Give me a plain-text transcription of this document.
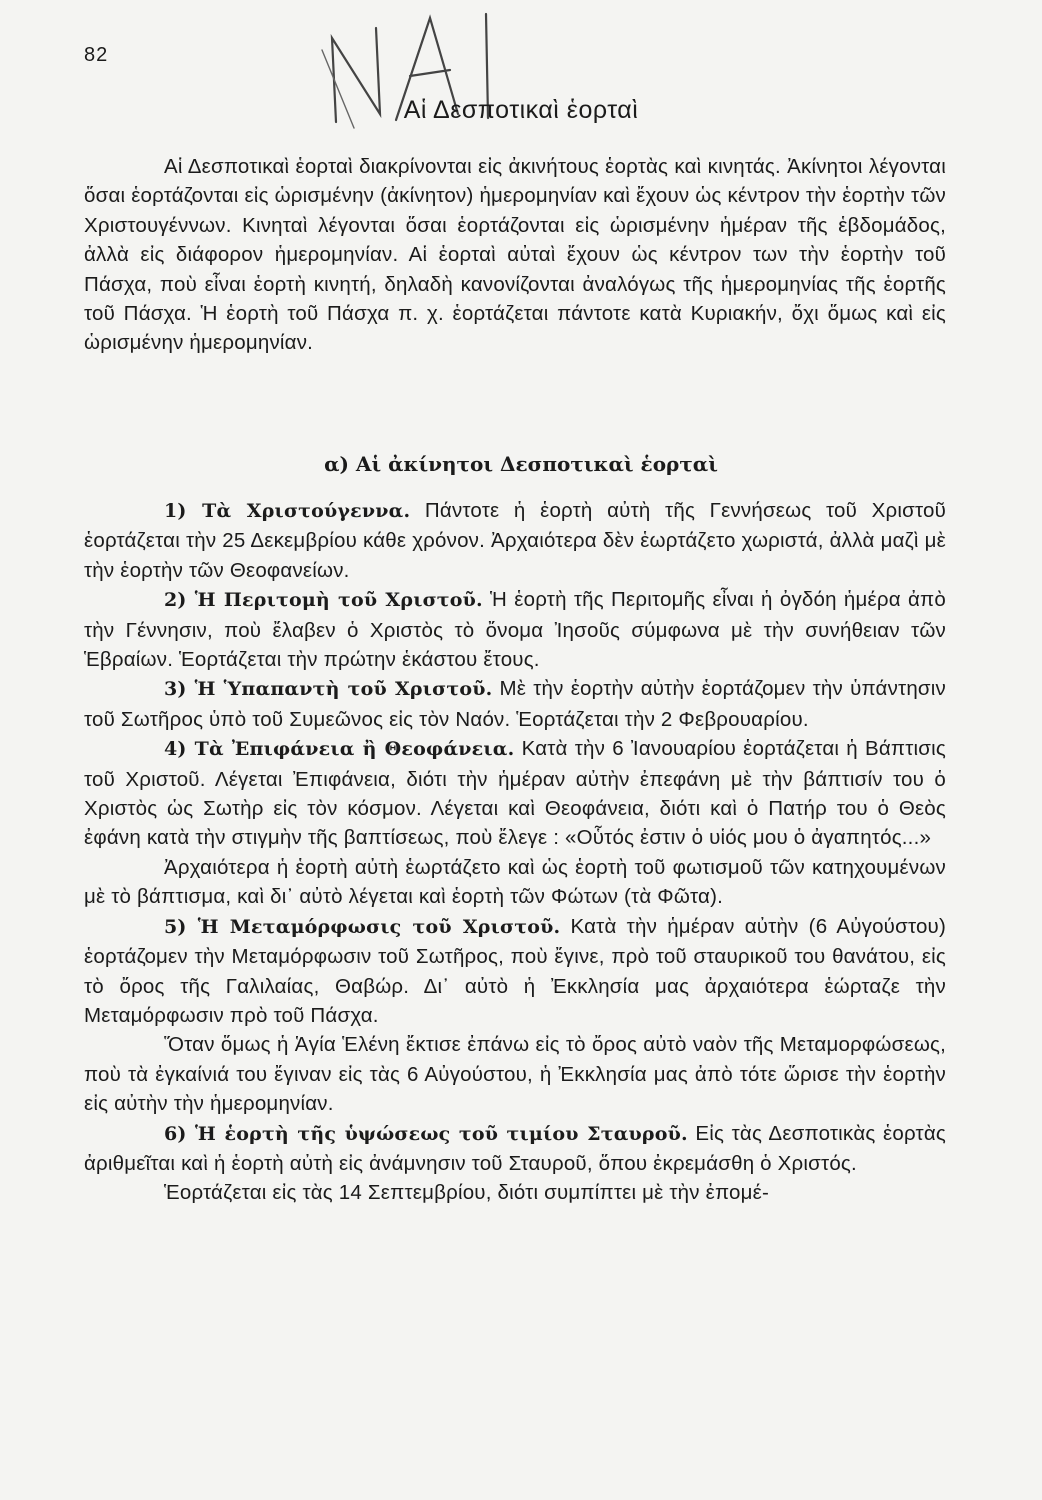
82
Αἱ Δεσποτικαὶ ἑορταὶ

Αἱ Δεσποτικαὶ ἑορταὶ διακρίνονται εἰς ἀκινήτους ἑορτὰς καὶ κινητάς. Ἀκίνητοι λέγονται ὅσαι ἑορτάζονται εἰς ὡρισμένην (ἀκίνητον) ἡμερομηνίαν καὶ ἔχουν ὡς κέντρον τὴν ἑορτὴν τῶν Χριστουγέννων. Κινηταὶ λέγονται ὅσαι ἑορτάζονται εἰς ὡρισμένην ἡμέραν τῆς ἑβδομάδος, ἀλλὰ εἰς διάφορον ἡμερομηνίαν. Αἱ ἑορταὶ αὐταὶ ἔχουν ὡς κέντρον των τὴν ἑορτὴν τοῦ Πάσχα, ποὺ εἶναι ἑορτὴ κινητή, δηλαδὴ κανονίζονται ἀναλόγως τῆς ἡμερομηνίας τῆς ἑορτῆς τοῦ Πάσχα. Ἡ ἑορτὴ τοῦ Πάσχα π. χ. ἑορτάζεται πάντοτε κατὰ Κυριακήν, ὄχι ὅμως καὶ εἰς ὡρισμένην ἡμερομηνίαν.

α) Αἱ ἀκίνητοι Δεσποτικαὶ ἑορταὶ

1) Τὰ Χριστούγεννα. Πάντοτε ἡ ἑορτὴ αὐτὴ τῆς Γεννήσεως τοῦ Χριστοῦ ἑορτάζεται τὴν 25 Δεκεμβρίου κάθε χρόνον. Ἀρχαιότερα δὲν ἑωρτάζετο χωριστά, ἀλλὰ μαζὶ μὲ τὴν ἑορτὴν τῶν Θεοφανείων.

2) Ἡ Περιτομὴ τοῦ Χριστοῦ. Ἡ ἑορτὴ τῆς Περιτομῆς εἶναι ἡ ὀγδόη ἡμέρα ἀπὸ τὴν Γέννησιν, ποὺ ἔλαβεν ὁ Χριστὸς τὸ ὄνομα Ἰησοῦς σύμφωνα μὲ τὴν συνήθειαν τῶν Ἑβραίων. Ἑορτάζεται τὴν πρώτην ἑκάστου ἔτους.

3) Ἡ Ὑπαπαντὴ τοῦ Χριστοῦ. Μὲ τὴν ἑορτὴν αὐτὴν ἑορτάζομεν τὴν ὑπάντησιν τοῦ Σωτῆρος ὑπὸ τοῦ Συμεῶνος εἰς τὸν Ναόν. Ἑορτάζεται τὴν 2 Φεβρουαρίου.

4) Τὰ Ἐπιφάνεια ἢ Θεοφάνεια. Κατὰ τὴν 6 Ἰανουαρίου ἑορτάζεται ἡ Βάπτισις τοῦ Χριστοῦ. Λέγεται Ἐπιφάνεια, διότι τὴν ἡμέραν αὐτὴν ἐπεφάνη μὲ τὴν βάπτισίν του ὁ Χριστὸς ὡς Σωτὴρ εἰς τὸν κόσμον. Λέγεται καὶ Θεοφάνεια, διότι καὶ ὁ Πατήρ του ὁ Θεὸς ἐφάνη κατὰ τὴν στιγμὴν τῆς βαπτίσεως, ποὺ ἔλεγε : «Οὗτός ἐστιν ὁ υἱός μου ὁ ἀγαπητός...»

Ἀρχαιότερα ἡ ἑορτὴ αὐτὴ ἑωρτάζετο καὶ ὡς ἑορτὴ τοῦ φωτισμοῦ τῶν κατηχουμένων μὲ τὸ βάπτισμα, καὶ δι᾿ αὐτὸ λέγεται καὶ ἑορτὴ τῶν Φώτων (τὰ Φῶτα).

5) Ἡ Μεταμόρφωσις τοῦ Χριστοῦ. Κατὰ τὴν ἡμέραν αὐτὴν (6 Αὐγούστου) ἑορτάζομεν τὴν Μεταμόρφωσιν τοῦ Σωτῆρος, ποὺ ἔγινε, πρὸ τοῦ σταυρικοῦ του θανάτου, εἰς τὸ ὄρος τῆς Γαλιλαίας, Θαβώρ. Δι᾿ αὐτὸ ἡ Ἐκκλησία μας ἀρχαιότερα ἑώρταζε τὴν Μεταμόρφωσιν πρὸ τοῦ Πάσχα.

Ὅταν ὅμως ἡ Ἁγία Ἑλένη ἔκτισε ἐπάνω εἰς τὸ ὄρος αὐτὸ ναὸν τῆς Μεταμορφώσεως, ποὺ τὰ ἐγκαίνιά του ἔγιναν εἰς τὰς 6 Αὐγούστου, ἡ Ἐκκλησία μας ἀπὸ τότε ὥρισε τὴν ἑορτὴν εἰς αὐτὴν τὴν ἡμερομηνίαν.

6) Ἡ ἑορτὴ τῆς ὑψώσεως τοῦ τιμίου Σταυροῦ. Εἰς τὰς Δεσποτικὰς ἑορτὰς ἀριθμεῖται καὶ ἡ ἑορτὴ αὐτὴ εἰς ἀνάμνησιν τοῦ Σταυροῦ, ὅπου ἐκρεμάσθη ὁ Χριστός.

Ἑορτάζεται εἰς τὰς 14 Σεπτεμβρίου, διότι συμπίπτει μὲ τὴν ἐπομέ-
